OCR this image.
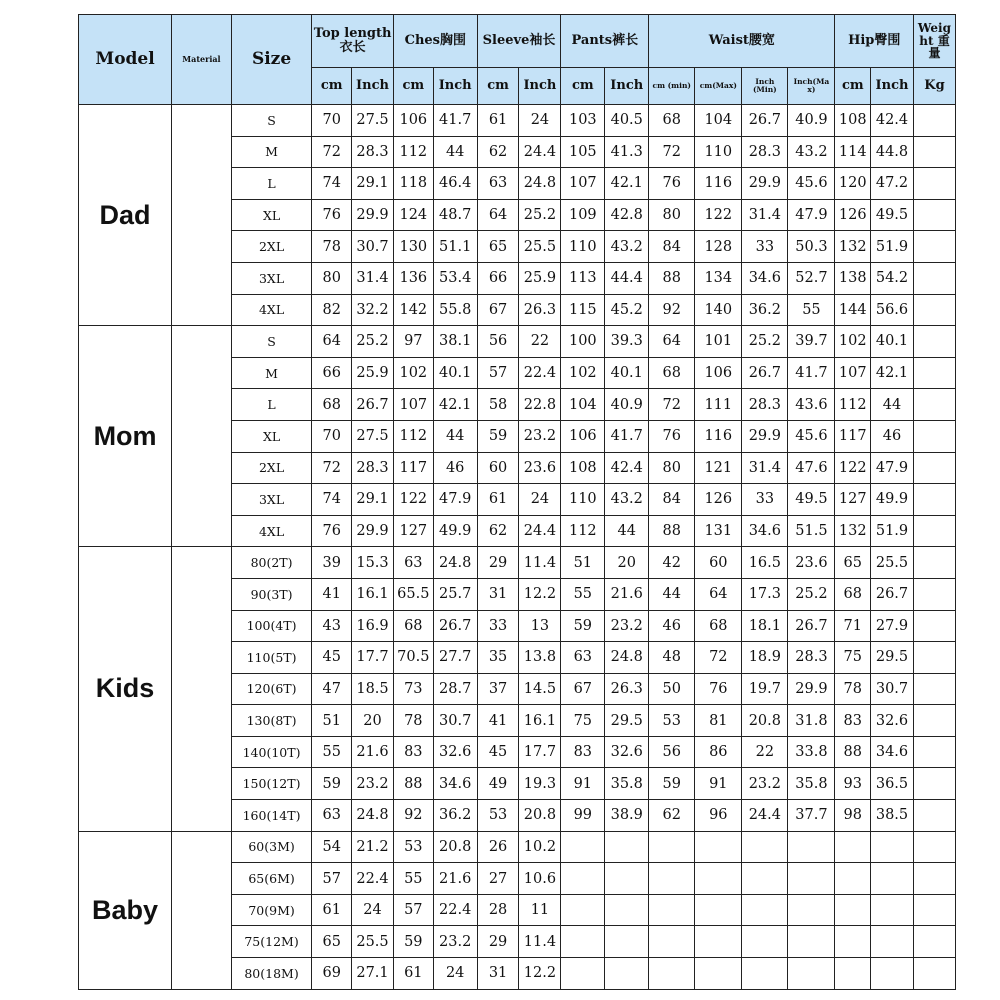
Model	Material	Size	Top length 衣长		Ches胸围		Sleeve袖长		Pants裤长		Waist腰宽				Hip臀围		Weig ht 重量
			cm	Inch	cm	Inch	cm	Inch	cm	Inch	cm (min)	cm(Max)	Inch (Min)	Inch(Ma x)	cm	Inch	Kg
Dad		S	70	27.5	106	41.7	61	24	103	40.5	68	104	26.7	40.9	108	42.4	
		M	72	28.3	112	44	62	24.4	105	41.3	72	110	28.3	43.2	114	44.8	
		L	74	29.1	118	46.4	63	24.8	107	42.1	76	116	29.9	45.6	120	47.2	
		XL	76	29.9	124	48.7	64	25.2	109	42.8	80	122	31.4	47.9	126	49.5	
		2XL	78	30.7	130	51.1	65	25.5	110	43.2	84	128	33	50.3	132	51.9	
		3XL	80	31.4	136	53.4	66	25.9	113	44.4	88	134	34.6	52.7	138	54.2	
		4XL	82	32.2	142	55.8	67	26.3	115	45.2	92	140	36.2	55	144	56.6	
Mom		S	64	25.2	97	38.1	56	22	100	39.3	64	101	25.2	39.7	102	40.1	
		M	66	25.9	102	40.1	57	22.4	102	40.1	68	106	26.7	41.7	107	42.1	
		L	68	26.7	107	42.1	58	22.8	104	40.9	72	111	28.3	43.6	112	44	
		XL	70	27.5	112	44	59	23.2	106	41.7	76	116	29.9	45.6	117	46	
		2XL	72	28.3	117	46	60	23.6	108	42.4	80	121	31.4	47.6	122	47.9	
		3XL	74	29.1	122	47.9	61	24	110	43.2	84	126	33	49.5	127	49.9	
		4XL	76	29.9	127	49.9	62	24.4	112	44	88	131	34.6	51.5	132	51.9	
Kids		80(2T)	39	15.3	63	24.8	29	11.4	51	20	42	60	16.5	23.6	65	25.5	
		90(3T)	41	16.1	65.5	25.7	31	12.2	55	21.6	44	64	17.3	25.2	68	26.7	
		100(4T)	43	16.9	68	26.7	33	13	59	23.2	46	68	18.1	26.7	71	27.9	
		110(5T)	45	17.7	70.5	27.7	35	13.8	63	24.8	48	72	18.9	28.3	75	29.5	
		120(6T)	47	18.5	73	28.7	37	14.5	67	26.3	50	76	19.7	29.9	78	30.7	
		130(8T)	51	20	78	30.7	41	16.1	75	29.5	53	81	20.8	31.8	83	32.6	
		140(10T)	55	21.6	83	32.6	45	17.7	83	32.6	56	86	22	33.8	88	34.6	
		150(12T)	59	23.2	88	34.6	49	19.3	91	35.8	59	91	23.2	35.8	93	36.5	
		160(14T)	63	24.8	92	36.2	53	20.8	99	38.9	62	96	24.4	37.7	98	38.5	
Baby		60(3M)	54	21.2	53	20.8	26	10.2									
		65(6M)	57	22.4	55	21.6	27	10.6									
		70(9M)	61	24	57	22.4	28	11									
		75(12M)	65	25.5	59	23.2	29	11.4									
		80(18M)	69	27.1	61	24	31	12.2									
